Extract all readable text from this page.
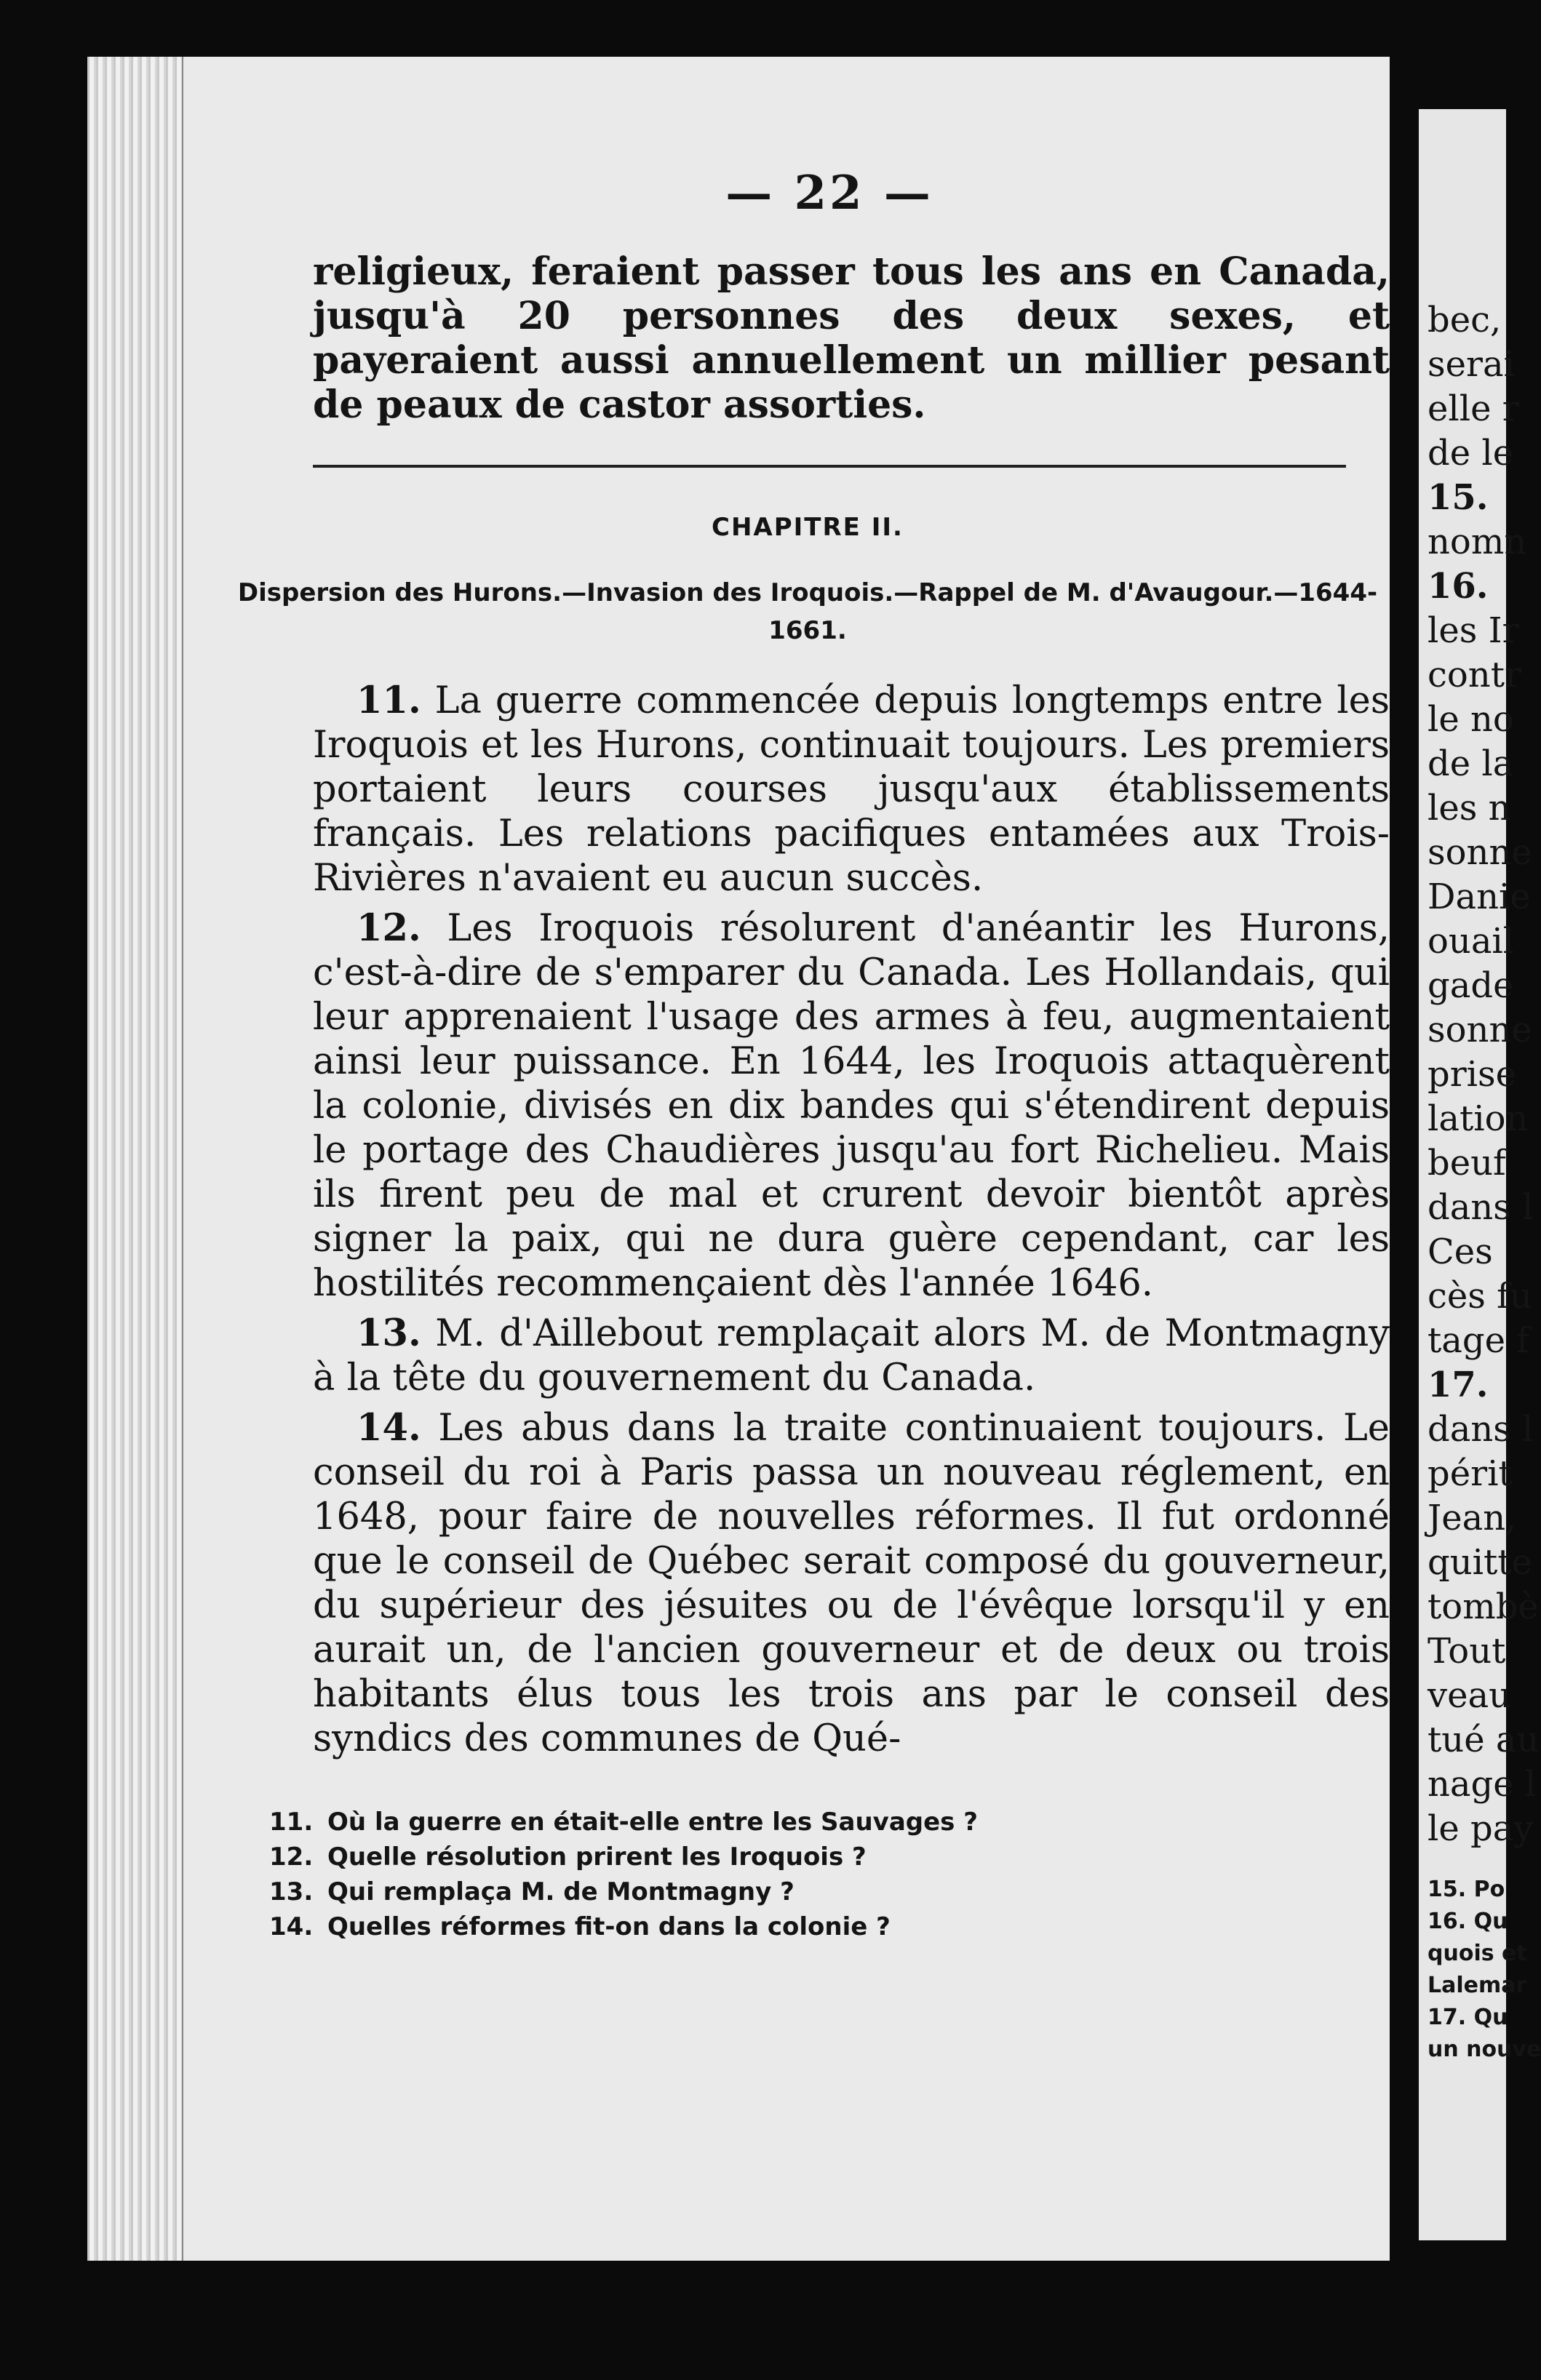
— 22 —

religieux, feraient passer tous les ans en Canada, jusqu'à 20 personnes des deux sexes, et payeraient aussi annuellement un millier pesant de peaux de castor assorties.

CHAPITRE II.
Dispersion des Hurons.—Invasion des Iroquois.—Rappel de M. d'Avaugour.—1644-1661.

11. La guerre commencée depuis longtemps entre les Iroquois et les Hurons, continuait toujours. Les premiers portaient leurs courses jusqu'aux établissements français. Les relations pacifiques entamées aux Trois-Rivières n'avaient eu aucun succès.

12. Les Iroquois résolurent d'anéantir les Hurons, c'est-à-dire de s'emparer du Canada. Les Hollandais, qui leur apprenaient l'usage des armes à feu, augmentaient ainsi leur puissance. En 1644, les Iroquois attaquèrent la colonie, divisés en dix bandes qui s'étendirent depuis le portage des Chaudières jusqu'au fort Richelieu. Mais ils firent peu de mal et crurent devoir bientôt après signer la paix, qui ne dura guère cependant, car les hostilités recommençaient dès l'année 1646.

13. M. d'Aillebout remplaçait alors M. de Montmagny à la tête du gouvernement du Canada.

14. Les abus dans la traite continuaient toujours. Le conseil du roi à Paris passa un nouveau réglement, en 1648, pour faire de nouvelles réformes. Il fut ordonné que le conseil de Québec serait composé du gouverneur, du supérieur des jésuites ou de l'évêque lorsqu'il y en aurait un, de l'ancien gouverneur et de deux ou trois habitants élus tous les trois ans par le conseil des syndics des communes de Qué-

11. Où la guerre en était-elle entre les Sauvages ?
12. Quelle résolution prirent les Iroquois ?
13. Qui remplaça M. de Montmagny ?
14. Quelles réformes fit-on dans la colonie ?
bec,
serai
elle r
de le
15.
nomn
16.
les Ir
contr
le no
de la
les n
sonne
Danie
ouail
gade
sonne
prise
lation
beuf
dans l
Ces
cès fu
tage f
17.
dans l
périt
Jean,
quitte
tombè
Tout
veau
tué au
nage l
le pay
15. Po
16. Qu
quois et
Lalemar
17. Qu
un nouve
